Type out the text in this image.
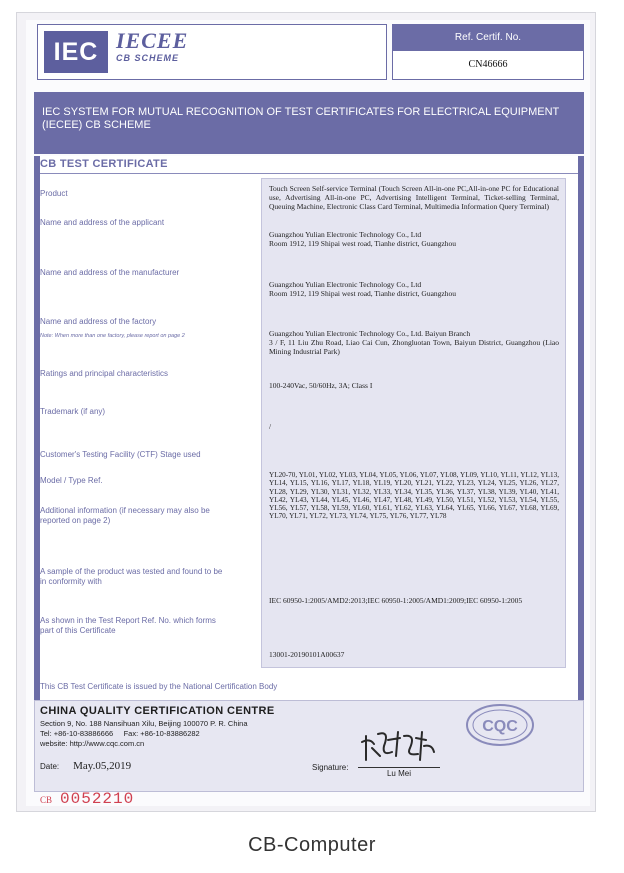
IEC IECEE
CB SCHEME
Ref. Certif. No.
CN46666
IEC SYSTEM FOR MUTUAL RECOGNITION OF TEST CERTIFICATES FOR ELECTRICAL EQUIPMENT (IECEE) CB SCHEME
CB TEST CERTIFICATE
Product
Name and address of the applicant
Name and address of the manufacturer
Name and address of the factory
Note: When more than one factory, please report on page 2
Ratings and principal characteristics
Trademark (if any)
Customer's Testing Facility (CTF) Stage used
Model / Type Ref.
Additional information (if necessary may also be reported on page 2)
A sample of the product was tested and found to be in conformity with
As shown in the Test Report Ref. No. which forms part of this Certificate
Touch Screen Self-service Terminal (Touch Screen All-in-one PC,All-in-one PC for Educational use, Advertising All-in-one PC, Advertising Intelligent Terminal, Ticket-selling Terminal, Queuing Machine, Electronic Class Card Terminal, Multimedia Information Query Terminal)
Guangzhou Yulian Electronic Technology Co., Ltd
Room 1912, 119 Shipai west road, Tianhe district, Guangzhou
Guangzhou Yulian Electronic Technology Co., Ltd
Room 1912, 119 Shipai west road, Tianhe district, Guangzhou
Guangzhou Yulian Electronic Technology Co., Ltd. Baiyun Branch
3 / F, 11 Liu Zhu Road, Liao Cai Cun, Zhongluotan Town, Baiyun District, Guangzhou (Liao Mining Industrial Park)
100-240Vac, 50/60Hz, 3A; Class I
/
YL20-70, YL01, YL02, YL03, YL04, YL05, YL06, YL07, YL08, YL09, YL10, YL11, YL12, YL13, YL14, YL15, YL16, YL17, YL18, YL19, YL20, YL21, YL22, YL23, YL24, YL25, YL26, YL27, YL28, YL29, YL30, YL31, YL32, YL33, YL34, YL35, YL36, YL37, YL38, YL39, YL40, YL41, YL42, YL43, YL44, YL45, YL46, YL47, YL48, YL49, YL50, YL51, YL52, YL53, YL54, YL55, YL56, YL57, YL58, YL59, YL60, YL61, YL62, YL63, YL64, YL65, YL66, YL67, YL68, YL69, YL70, YL71, YL72, YL73, YL74, YL75, YL76, YL77, YL78
IEC 60950-1:2005/AMD2:2013;IEC 60950-1:2005/AMD1:2009;IEC 60950-1:2005
13001-20190101A00637
This CB Test Certificate is issued by the National Certification Body
CHINA QUALITY CERTIFICATION CENTRE
Section 9, No. 188 Nansihuan Xilu, Beijing 100070 P. R. China
Tel: +86-10-83886666     Fax: +86-10-83886282
website: http://www.cqc.com.cn
Date: May.05,2019	Signature:
Lu Mei
CQC
CB 0052210
CB-Computer
